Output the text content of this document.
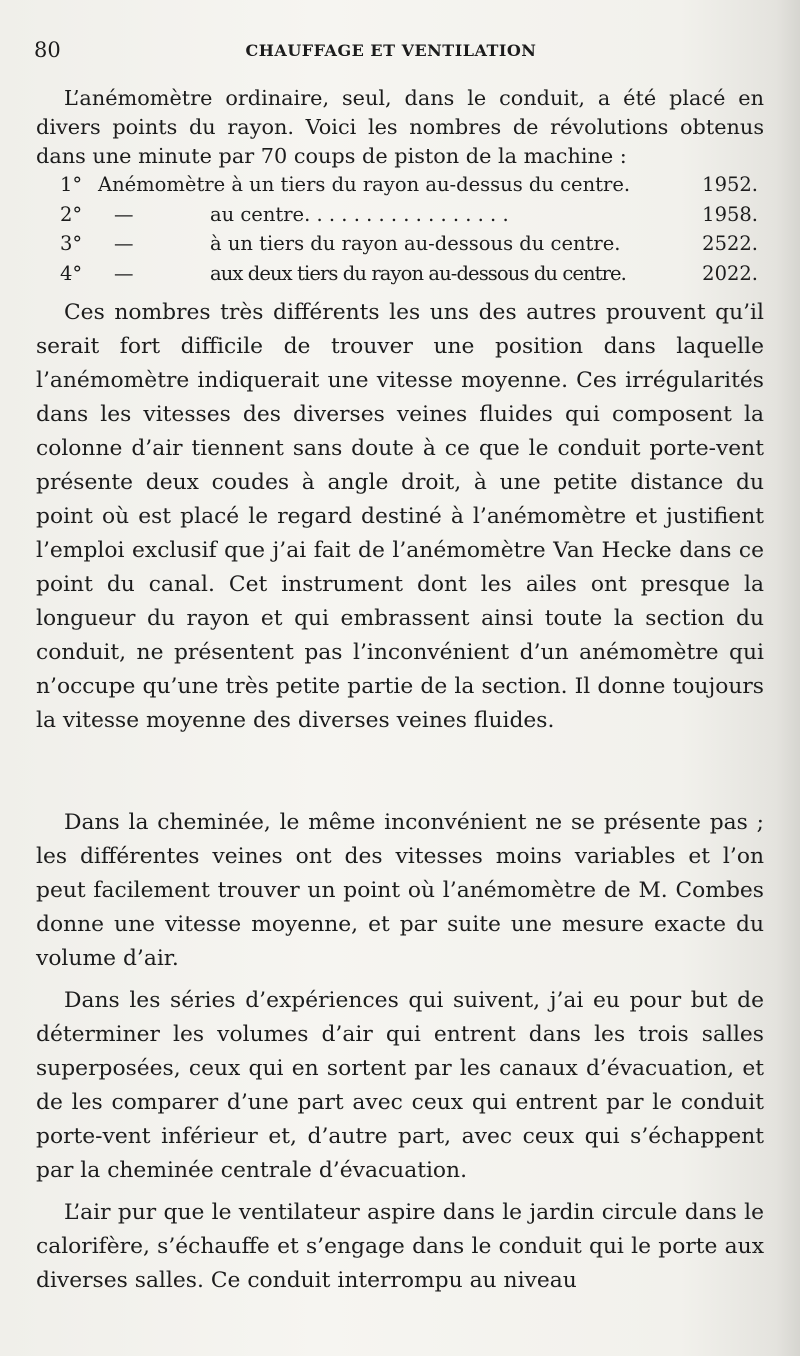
80	CHAUFFAGE ET VENTILATION

L’anémomètre ordinaire, seul, dans le conduit, a été placé en divers points du rayon. Voici les nombres de révolutions obtenus dans une minute par 70 coups de piston de la machine :

1° Anémomètre à un tiers du rayon au-dessus du centre.	1952.
2° —	au centre. . . . . . . . . . . . . . . . .	1958.
3° —	à un tiers du rayon au-dessous du centre.	2522.
4° —	aux deux tiers du rayon au-dessous du centre.	2022.

Ces nombres très différents les uns des autres prouvent qu’il serait fort difficile de trouver une position dans laquelle l’anémomètre indiquerait une vitesse moyenne. Ces irrégularités dans les vitesses des diverses veines fluides qui composent la colonne d’air tiennent sans doute à ce que le conduit porte-vent présente deux coudes à angle droit, à une petite distance du point où est placé le regard destiné à l’anémomètre et justifient l’emploi exclusif que j’ai fait de l’anémomètre Van Hecke dans ce point du canal. Cet instrument dont les ailes ont presque la longueur du rayon et qui embrassent ainsi toute la section du conduit, ne présentent pas l’inconvénient d’un anémomètre qui n’occupe qu’une très petite partie de la section. Il donne toujours la vitesse moyenne des diverses veines fluides.

Dans la cheminée, le même inconvénient ne se présente pas ; les différentes veines ont des vitesses moins variables et l’on peut facilement trouver un point où l’anémomètre de M. Combes donne une vitesse moyenne, et par suite une mesure exacte du volume d’air.

Dans les séries d’expériences qui suivent, j’ai eu pour but de déterminer les volumes d’air qui entrent dans les trois salles superposées, ceux qui en sortent par les canaux d’évacuation, et de les comparer d’une part avec ceux qui entrent par le conduit porte-vent inférieur et, d’autre part, avec ceux qui s’échappent par la cheminée centrale d’évacuation.

L’air pur que le ventilateur aspire dans le jardin circule dans le calorifère, s’échauffe et s’engage dans le conduit qui le porte aux diverses salles. Ce conduit interrompu au niveau
